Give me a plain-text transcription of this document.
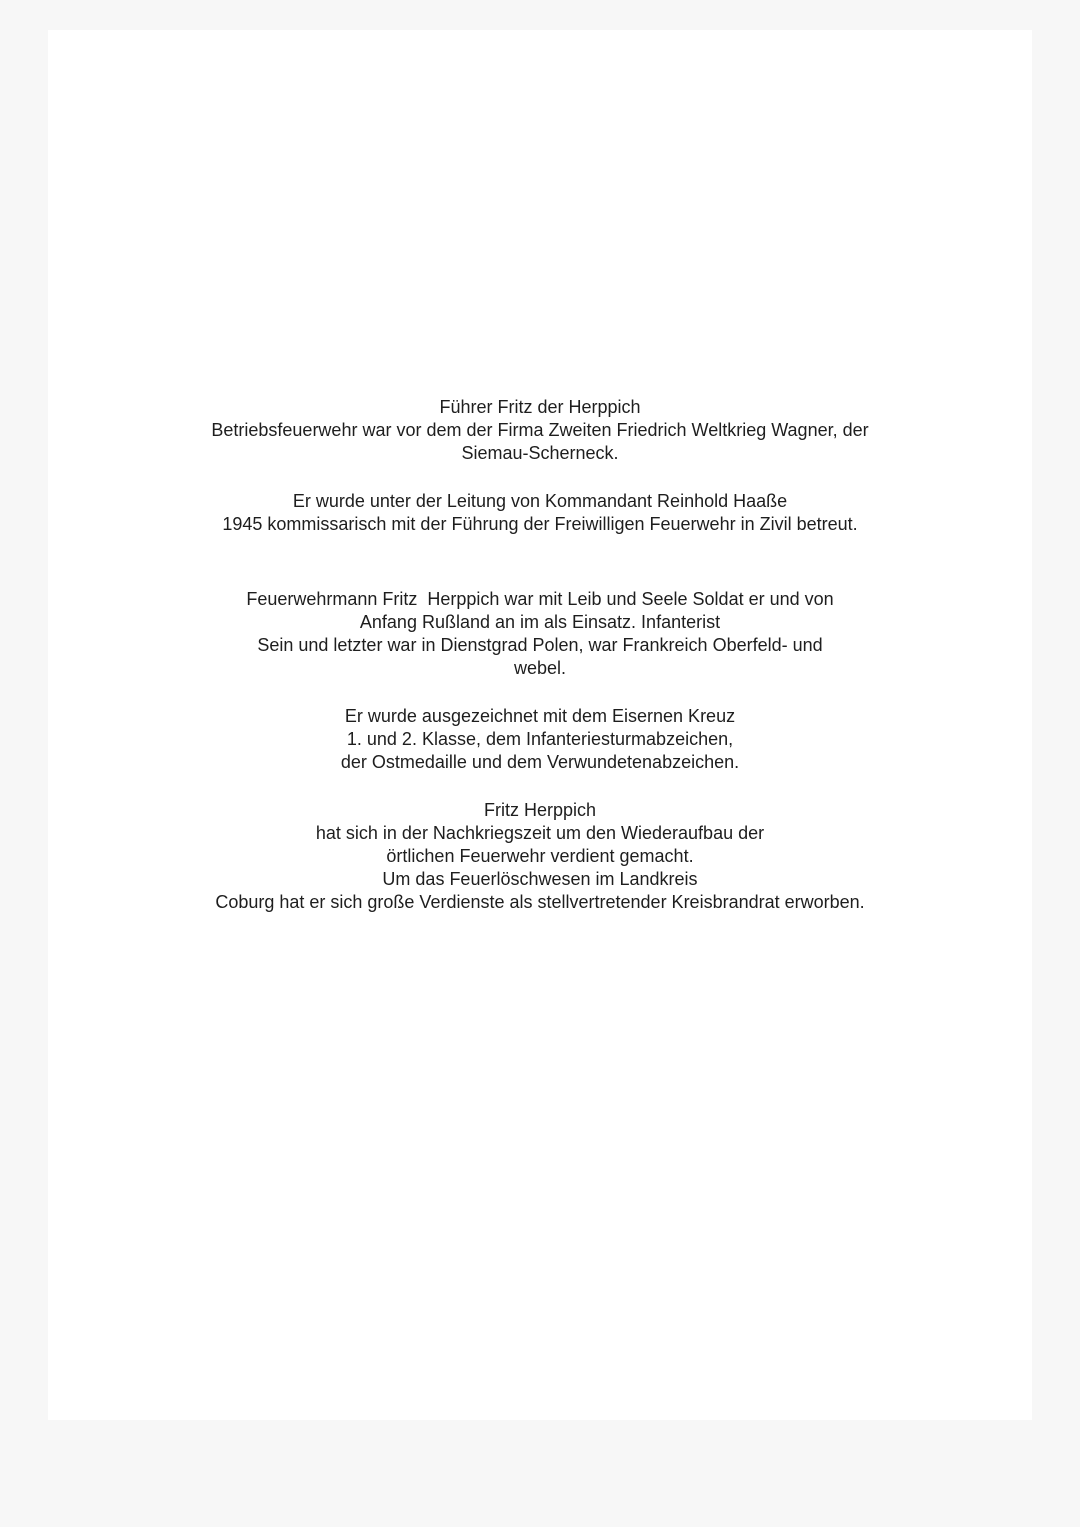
Führer Fritz der Herppich
Betriebsfeuerwehr war vor dem der Firma Zweiten Friedrich Weltkrieg Wagner, der
Siemau-Scherneck.
Er wurde unter der Leitung von Kommandant Reinhold Haaße
1945 kommissarisch mit der Führung der Freiwilligen Feuerwehr in Zivil betreut.
Feuerwehrmann Fritz  Herppich war mit Leib und Seele Soldat er und von
Anfang Rußland an im als Einsatz. Infanterist
Sein und letzter war in Dienstgrad Polen, war Frankreich Oberfeld- und
webel.
Er wurde ausgezeichnet mit dem Eisernen Kreuz
1. und 2. Klasse, dem Infanteriesturmabzeichen,
der Ostmedaille und dem Verwundetenabzeichen.
Fritz Herppich
hat sich in der Nachkriegszeit um den Wiederaufbau der
örtlichen Feuerwehr verdient gemacht.
Um das Feuerlöschwesen im Landkreis
Coburg hat er sich große Verdienste als stellvertretender Kreisbrandrat erworben.
